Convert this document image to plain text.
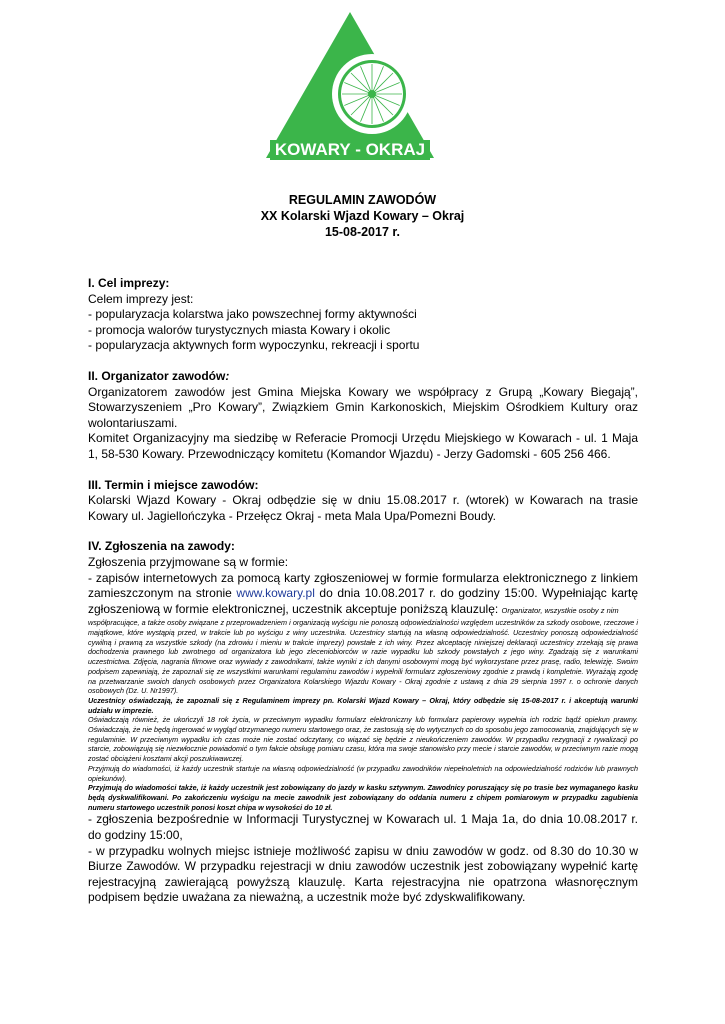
KOWARY - OKRAJ
REGULAMIN ZAWODÓW
XX Kolarski Wjazd Kowary – Okraj
15-08-2017 r.

I. Cel imprezy:

Celem imprezy jest:

- popularyzacja kolarstwa jako powszechnej formy aktywności

- promocja walorów turystycznych miasta Kowary i okolic

- popularyzacja aktywnych form wypoczynku, rekreacji i sportu

II. Organizator zawodów:

Organizatorem zawodów jest Gmina Miejska Kowary we współpracy z Grupą „Kowary Biegają”, Stowarzyszeniem „Pro Kowary”, Związkiem Gmin Karkonoskich, Miejskim Ośrodkiem Kultury oraz wolontariuszami.

Komitet Organizacyjny ma siedzibę w Referacie Promocji Urzędu Miejskiego w Kowarach - ul. 1 Maja 1, 58-530 Kowary. Przewodniczący komitetu (Komandor Wjazdu) - Jerzy Gadomski - 605 256 466.

III. Termin i miejsce zawodów:

Kolarski Wjazd Kowary - Okraj odbędzie się w dniu 15.08.2017 r. (wtorek) w Kowarach na trasie Kowary ul. Jagiellończyka - Przełęcz Okraj - meta Mala Upa/Pomezni Boudy.

IV. Zgłoszenia na zawody:

Zgłoszenia przyjmowane są w formie:

- zapisów internetowych za pomocą karty zgłoszeniowej w formie formularza elektronicznego z linkiem zamieszczonym na stronie www.kowary.pl do dnia 10.08.2017 r. do godziny 15:00. Wypełniając kartę zgłoszeniową w formie elektronicznej, uczestnik akceptuje poniższą klauzulę: Organizator, wszystkie osoby z nim

współpracujące, a także osoby związane z przeprowadzeniem i organizacją wyścigu nie ponoszą odpowiedzialności względem uczestników za szkody osobowe, rzeczowe i majątkowe, które wystąpią przed, w trakcie lub po wyścigu z winy uczestnika. Uczestnicy startują na własną odpowiedzialność. Uczestnicy ponoszą odpowiedzialność cywilną i prawną za wszystkie szkody (na zdrowiu i mieniu w trakcie imprezy) powstałe z ich winy. Przez akceptację niniejszej deklaracji uczestnicy zrzekają się prawa dochodzenia prawnego lub zwrotnego od organizatora lub jego zleceniobiorców w razie wypadku lub szkody powstałych z jego winy. Zgadzają się z warunkami uczestnictwa. Zdjęcia, nagrania filmowe oraz wywiady z zawodnikami, także wyniki z ich danymi osobowymi mogą być wykorzystane przez prasę, radio, telewizję. Swoim podpisem zapewniają, że zapoznali się ze wszystkimi warunkami regulaminu zawodów i wypełnili formularz zgłoszeniowy zgodnie z prawdą i kompletnie. Wyrażają zgodę na przetwarzanie swoich danych osobowych przez Organizatora Kolarskiego Wjazdu Kowary - Okraj zgodnie z ustawą z dnia 29 sierpnia 1997 r. o ochronie danych osobowych (Dz. U. Nr1997).

Uczestnicy oświadczają, że zapoznali się z Regulaminem imprezy pn. Kolarski Wjazd Kowary – Okraj, który odbędzie się 15-08-2017 r. i akceptują warunki udziału w imprezie.

Oświadczają również, że ukończyli 18 rok życia, w przeciwnym wypadku formularz elektroniczny lub formularz papierowy wypełnia ich rodzic bądź opiekun prawny. Oświadczają, że nie będą ingerować w wygląd otrzymanego numeru startowego oraz, że zastosują się do wytycznych co do sposobu jego zamocowania, znajdujących się w regulaminie. W przeciwnym wypadku ich czas może nie zostać odczytany, co wiązać się będzie z nieukończeniem zawodów. W przypadku rezygnacji z rywalizacji po starcie, zobowiązują się niezwłocznie powiadomić o tym fakcie obsługę pomiaru czasu, która ma swoje stanowisko przy mecie i starcie zawodów, w przeciwnym razie mogą zostać obciążeni kosztami akcji poszukiwawczej.

Przyjmują do wiadomości, iż każdy uczestnik startuje na własną odpowiedzialność (w przypadku zawodników niepełnoletnich na odpowiedzialność rodziców lub prawnych opiekunów).

Przyjmują do wiadomości także, iż każdy uczestnik jest zobowiązany do jazdy w kasku sztywnym. Zawodnicy poruszający się po trasie bez wymaganego kasku będą dyskwalifikowani. Po zakończeniu wyścigu na mecie zawodnik jest zobowiązany do oddania numeru z chipem pomiarowym w przypadku zagubienia numeru startowego uczestnik ponosi koszt chipa w wysokości do 10 zł.

- zgłoszenia bezpośrednie w Informacji Turystycznej w Kowarach ul. 1 Maja 1a, do dnia 10.08.2017 r. do godziny 15:00,

- w przypadku wolnych miejsc istnieje możliwość zapisu w dniu zawodów w godz. od 8.30 do 10.30 w Biurze Zawodów. W przypadku rejestracji w dniu zawodów uczestnik jest zobowiązany wypełnić kartę rejestracyjną zawierającą powyższą klauzulę. Karta rejestracyjna nie opatrzona własnoręcznym podpisem będzie uważana za nieważną, a uczestnik może być zdyskwalifikowany.
